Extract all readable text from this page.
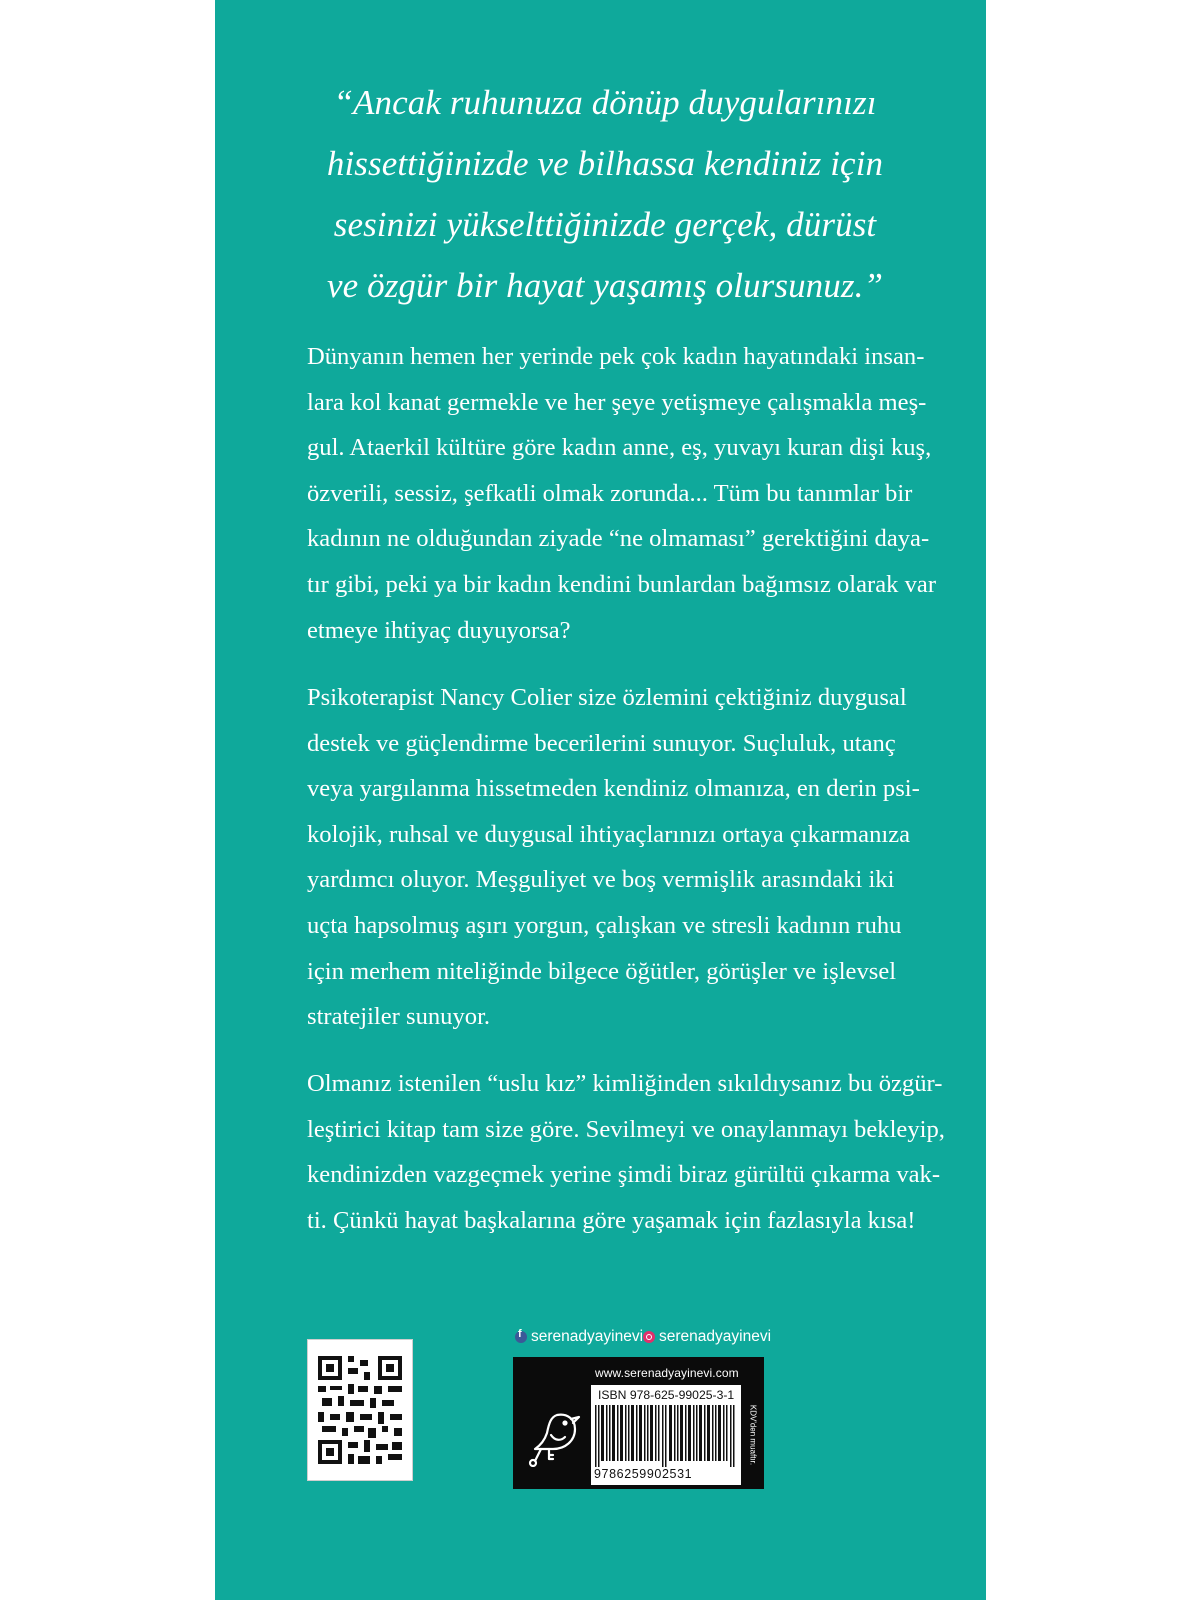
“Ancak ruhunuza dönüp duygularınızı
hissettiğinizde ve bilhassa kendiniz için
sesinizi yükselttiğinizde gerçek, dürüst
ve özgür bir hayat yaşamış olursunuz.”
Dünyanın hemen her yerinde pek çok kadın hayatındaki insan-
lara kol kanat germekle ve her şeye yetişmeye çalışmakla meş-
gul. Ataerkil kültüre göre kadın anne, eş, yuvayı kuran dişi kuş,
özverili, sessiz, şefkatli olmak zorunda... Tüm bu tanımlar bir
kadının ne olduğundan ziyade “ne olmaması” gerektiğini daya-
tır gibi, peki ya bir kadın kendini bunlardan bağımsız olarak var
etmeye ihtiyaç duyuyorsa?
Psikoterapist Nancy Colier size özlemini çektiğiniz duygusal
destek ve güçlendirme becerilerini sunuyor. Suçluluk, utanç
veya yargılanma hissetmeden kendiniz olmanıza, en derin psi-
kolojik, ruhsal ve duygusal ihtiyaçlarınızı ortaya çıkarmanıza
yardımcı oluyor. Meşguliyet ve boş vermişlik arasındaki iki
uçta hapsolmuş aşırı yorgun, çalışkan ve stresli kadının ruhu
için merhem niteliğinde bilgece öğütler, görüşler ve işlevsel
stratejiler sunuyor.
Olmanız istenilen “uslu kız” kimliğinden sıkıldıysanız bu özgür-
leştirici kitap tam size göre. Sevilmeyi ve onaylanmayı bekleyip,
kendinizden vazgeçmek yerine şimdi biraz gürültü çıkarma vak-
ti. Çünkü hayat başkalarına göre yaşamak için fazlasıyla kısa!
f
serenadyayinevi serenadyayinevi
www.serenadyayinevi.com
ISBN 978-625-99025-3-1
9786259902531
KDV'den muaftır.
